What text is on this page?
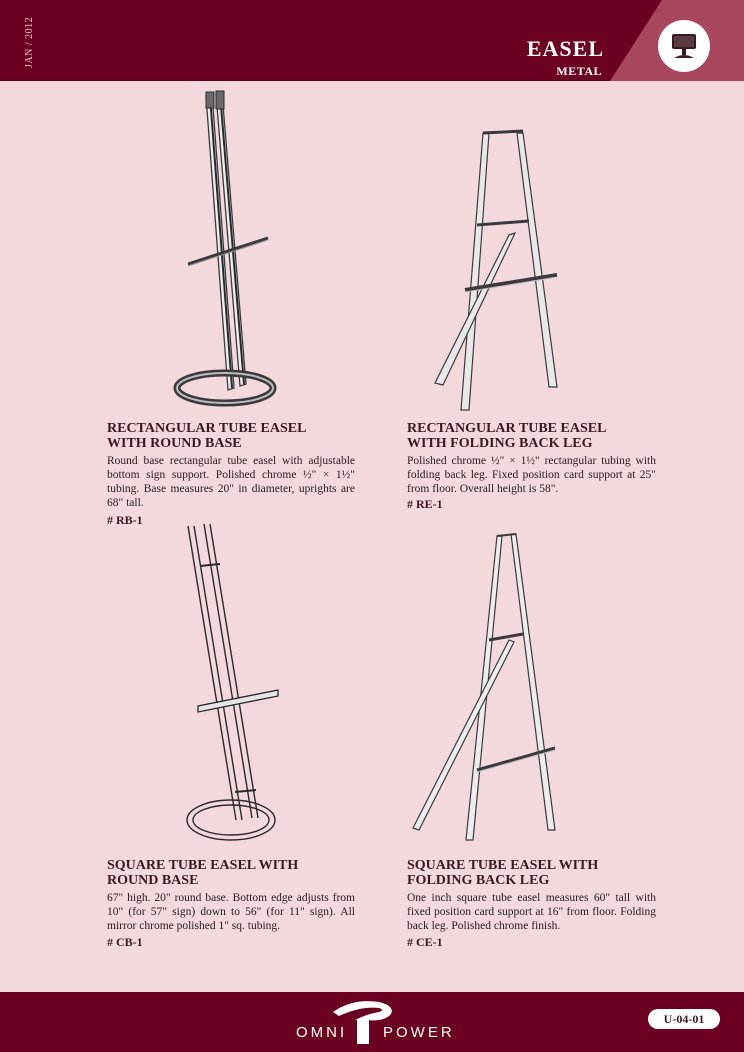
JAN / 2012	EASEL
METAL
RECTANGULAR TUBE EASEL
WITH ROUND BASE
Round base rectangular tube easel with adjustable bottom sign support. Polished chrome ½" × 1½" tubing. Base measures 20" in diameter, uprights are 68" tall.
# RB-1
RECTANGULAR TUBE EASEL
WITH FOLDING BACK LEG
Polished chrome ½" × 1½" rectangular tubing with folding back leg. Fixed position card support at 25" from floor. Overall height is 58".
# RE-1
SQUARE TUBE EASEL WITH
ROUND BASE
67" high. 20" round base. Bottom edge adjusts from 10" (for 57" sign) down to 56" (for 11" sign). All mirror chrome polished 1" sq. tubing.
# CB-1
SQUARE TUBE EASEL WITH
FOLDING BACK LEG
One inch square tube easel measures 60" tall with fixed position card support at 16" from floor. Folding back leg. Polished chrome finish.
# CE-1
OMNI POWER
U-04-01
